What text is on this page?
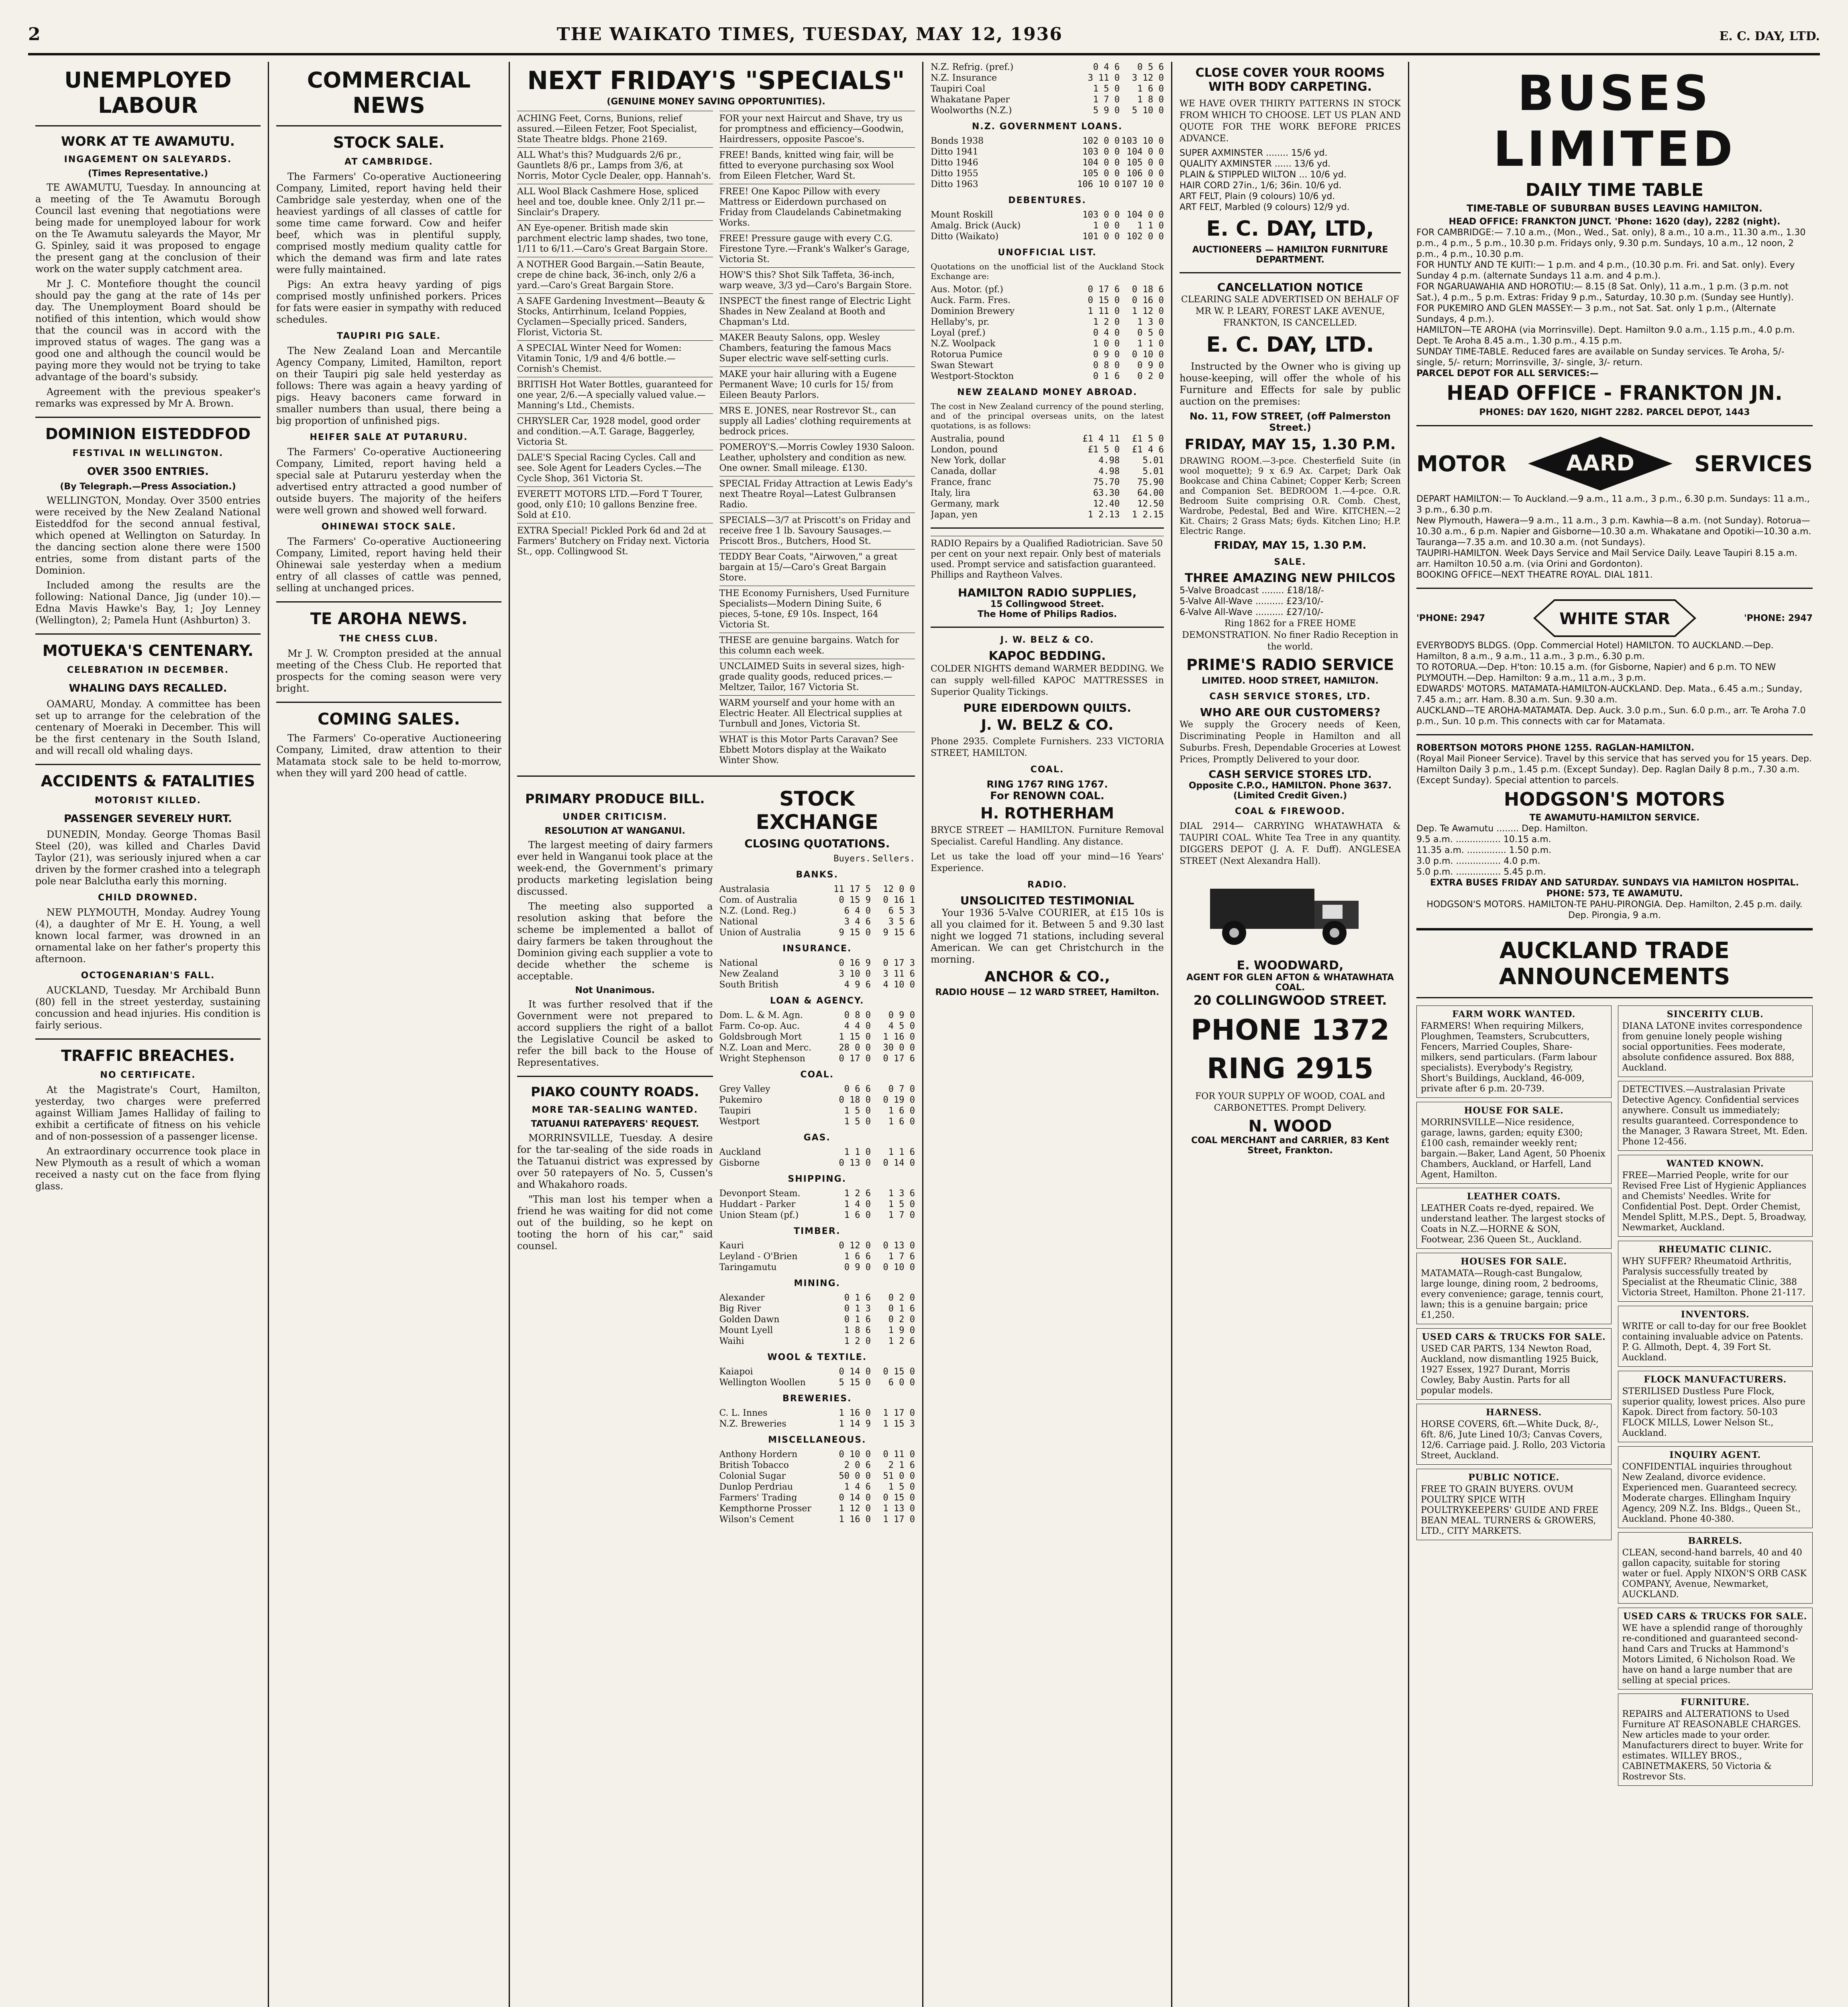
2	THE WAIKATO TIMES, TUESDAY, MAY 12, 1936	E. C. DAY, LTD.
UNEMPLOYED LABOUR
WORK AT TE AWAMUTU.
INGAGEMENT ON SALEYARDS.
(Times Representative.)

TE AWAMUTU, Tuesday. In announcing at a meeting of the Te Awamutu Borough Council last evening that negotiations were being made for unemployed labour for work on the Te Awamutu saleyards the Mayor, Mr G. Spinley, said it was proposed to engage the present gang at the conclusion of their work on the water supply catchment area.

Mr J. C. Montefiore thought the council should pay the gang at the rate of 14s per day. The Unemployment Board should be notified of this intention, which would show that the council was in accord with the improved status of wages. The gang was a good one and although the council would be paying more they would not be trying to take advantage of the board's subsidy.

Agreement with the previous speaker's remarks was expressed by Mr A. Brown.

DOMINION EISTEDDFOD
FESTIVAL IN WELLINGTON.
OVER 3500 ENTRIES.
(By Telegraph.—Press Association.)

WELLINGTON, Monday. Over 3500 entries were received by the New Zealand National Eisteddfod for the second annual festival, which opened at Wellington on Saturday. In the dancing section alone there were 1500 entries, some from distant parts of the Dominion.

Included among the results are the following: National Dance, Jig (under 10).—Edna Mavis Hawke's Bay, 1; Joy Lenney (Wellington), 2; Pamela Hunt (Ashburton) 3.

MOTUEKA'S CENTENARY.
CELEBRATION IN DECEMBER.
WHALING DAYS RECALLED.

OAMARU, Monday. A committee has been set up to arrange for the celebration of the centenary of Moeraki in December. This will be the first centenary in the South Island, and will recall old whaling days.

ACCIDENTS & FATALITIES
MOTORIST KILLED.
PASSENGER SEVERELY HURT.

DUNEDIN, Monday. George Thomas Basil Steel (20), was killed and Charles David Taylor (21), was seriously injured when a car driven by the former crashed into a telegraph pole near Balclutha early this morning.

CHILD DROWNED.

NEW PLYMOUTH, Monday. Audrey Young (4), a daughter of Mr E. H. Young, a well known local farmer, was drowned in an ornamental lake on her father's property this afternoon.

OCTOGENARIAN'S FALL.

AUCKLAND, Tuesday. Mr Archibald Bunn (80) fell in the street yesterday, sustaining concussion and head injuries. His condition is fairly serious.

TRAFFIC BREACHES.
NO CERTIFICATE.

At the Magistrate's Court, Hamilton, yesterday, two charges were preferred against William James Halliday of failing to exhibit a certificate of fitness on his vehicle and of non-possession of a passenger license.

An extraordinary occurrence took place in New Plymouth as a result of which a woman received a nasty cut on the face from flying glass.

COMMERCIAL NEWS
STOCK SALE.
AT CAMBRIDGE.

The Farmers' Co-operative Auctioneering Company, Limited, report having held their Cambridge sale yesterday, when one of the heaviest yardings of all classes of cattle for some time came forward. Cow and heifer beef, which was in plentiful supply, comprised mostly medium quality cattle for which the demand was firm and late rates were fully maintained.

Pigs: An extra heavy yarding of pigs comprised mostly unfinished porkers. Prices for fats were easier in sympathy with reduced schedules.

TAUPIRI PIG SALE.

The New Zealand Loan and Mercantile Agency Company, Limited, Hamilton, report on their Taupiri pig sale held yesterday as follows: There was again a heavy yarding of pigs. Heavy baconers came forward in smaller numbers than usual, there being a big proportion of unfinished pigs.

HEIFER SALE AT PUTARURU.

The Farmers' Co-operative Auctioneering Company, Limited, report having held a special sale at Putaruru yesterday when the advertised entry attracted a good number of outside buyers. The majority of the heifers were well grown and showed well forward.

OHINEWAI STOCK SALE.

The Farmers' Co-operative Auctioneering Company, Limited, report having held their Ohinewai sale yesterday when a medium entry of all classes of cattle was penned, selling at unchanged prices.

TE AROHA NEWS.
THE CHESS CLUB.

Mr J. W. Crompton presided at the annual meeting of the Chess Club. He reported that prospects for the coming season were very bright.

COMING SALES.

The Farmers' Co-operative Auctioneering Company, Limited, draw attention to their Matamata stock sale to be held to-morrow, when they will yard 200 head of cattle.

NEXT FRIDAY'S "SPECIALS"
(GENUINE MONEY SAVING OPPORTUNITIES).
ACHING Feet, Corns, Bunions, relief assured.—Eileen Fetzer, Foot Specialist, State Theatre bldgs. Phone 2169.
ALL What's this? Mudguards 2/6 pr., Gauntlets 8/6 pr., Lamps from 3/6, at Norris, Motor Cycle Dealer, opp. Hannah's.
ALL Wool Black Cashmere Hose, spliced heel and toe, double knee. Only 2/11 pr.—Sinclair's Drapery.
AN Eye-opener. British made skin parchment electric lamp shades, two tone, 1/11 to 6/11.—Caro's Great Bargain Store.
A NOTHER Good Bargain.—Satin Beaute, crepe de chine back, 36-inch, only 2/6 a yard.—Caro's Great Bargain Store.
A SAFE Gardening Investment—Beauty & Stocks, Antirrhinum, Iceland Poppies, Cyclamen—Specially priced. Sanders, Florist, Victoria St.
A SPECIAL Winter Need for Women: Vitamin Tonic, 1/9 and 4/6 bottle.—Cornish's Chemist.
BRITISH Hot Water Bottles, guaranteed for one year, 2/6.—A specially valued value.—Manning's Ltd., Chemists.
CHRYSLER Car, 1928 model, good order and condition.—A.T. Garage, Baggerley, Victoria St.
DALE'S Special Racing Cycles. Call and see. Sole Agent for Leaders Cycles.—The Cycle Shop, 361 Victoria St.
EVERETT MOTORS LTD.—Ford T Tourer, good, only £10; 10 gallons Benzine free. Sold at £10.
EXTRA Special! Pickled Pork 6d and 2d at Farmers' Butchery on Friday next. Victoria St., opp. Collingwood St.
FOR your next Haircut and Shave, try us for promptness and efficiency—Goodwin, Hairdressers, opposite Pascoe's.
FREE! Bands, knitted wing fair, will be fitted to everyone purchasing sox Wool from Eileen Fletcher, Ward St.
FREE! One Kapoc Pillow with every Mattress or Eiderdown purchased on Friday from Claudelands Cabinetmaking Works.
FREE! Pressure gauge with every C.G. Firestone Tyre.—Frank's Walker's Garage, Victoria St.
HOW'S this? Shot Silk Taffeta, 36-inch, warp weave, 3/3 yd—Caro's Bargain Store.
INSPECT the finest range of Electric Light Shades in New Zealand at Booth and Chapman's Ltd.
MAKER Beauty Salons, opp. Wesley Chambers, featuring the famous Macs Super electric wave self-setting curls.
MAKE your hair alluring with a Eugene Permanent Wave; 10 curls for 15/ from Eileen Beauty Parlors.
MRS E. JONES, near Rostrevor St., can supply all Ladies' clothing requirements at bedrock prices.
POMEROY'S.—Morris Cowley 1930 Saloon. Leather, upholstery and condition as new. One owner. Small mileage. £130.
SPECIAL Friday Attraction at Lewis Eady's next Theatre Royal—Latest Gulbransen Radio.
SPECIALS—3/7 at Priscott's on Friday and receive free 1 lb. Savoury Sausages.—Priscott Bros., Butchers, Hood St.
TEDDY Bear Coats, "Airwoven," a great bargain at 15/—Caro's Great Bargain Store.
THE Economy Furnishers, Used Furniture Specialists—Modern Dining Suite, 6 pieces, 5-tone, £9 10s. Inspect, 164 Victoria St.
THESE are genuine bargains. Watch for this column each week.
UNCLAIMED Suits in several sizes, high-grade quality goods, reduced prices.—Meltzer, Tailor, 167 Victoria St.
WARM yourself and your home with an Electric Heater. All Electrical supplies at Turnbull and Jones, Victoria St.
WHAT is this Motor Parts Caravan? See Ebbett Motors display at the Waikato Winter Show.
PRIMARY PRODUCE BILL.
UNDER CRITICISM.
RESOLUTION AT WANGANUI.

The largest meeting of dairy farmers ever held in Wanganui took place at the week-end, the Government's primary products marketing legislation being discussed.

The meeting also supported a resolution asking that before the scheme be implemented a ballot of dairy farmers be taken throughout the Dominion giving each supplier a vote to decide whether the scheme is acceptable.

Not Unanimous.

It was further resolved that if the Government were not prepared to accord suppliers the right of a ballot the Legislative Council be asked to refer the bill back to the House of Representatives.

PIAKO COUNTY ROADS.
MORE TAR-SEALING WANTED.
TATUANUI RATEPAYERS' REQUEST.

MORRINSVILLE, Tuesday. A desire for the tar-sealing of the side roads in the Tatuanui district was expressed by over 50 ratepayers of No. 5, Cussen's and Whakahoro roads.

"This man lost his temper when a friend he was waiting for did not come out of the building, so he kept on tooting the horn of his car," said counsel.

STOCK EXCHANGE
CLOSING QUOTATIONS.
Buyers. Sellers.
BANKS.
Australasia	11 17 5	12 0 0
Com. of Australia	0 15 9	0 16 1
N.Z. (Lond. Reg.)	6 4 0	6 5 3
National	3 4 6	3 5 6
Union of Australia	9 15 0	9 15 6
INSURANCE.
National	0 16 9	0 17 3
New Zealand	3 10 0	3 11 6
South British	4 9 6	4 10 0
LOAN & AGENCY.
Dom. L. & M. Agn.	0 8 0	0 9 0
Farm. Co-op. Auc.	4 4 0	4 5 0
Goldsbrough Mort	1 15 0	1 16 0
N.Z. Loan and Merc.	28 0 0	30 0 0
Wright Stephenson	0 17 0	0 17 6
COAL.
Grey Valley	0 6 6	0 7 0
Pukemiro	0 18 0	0 19 0
Taupiri	1 5 0	1 6 0
Westport	1 5 0	1 6 0
GAS.
Auckland	1 1 0	1 1 6
Gisborne	0 13 0	0 14 0
SHIPPING.
Devonport Steam.	1 2 6	1 3 6
Huddart - Parker	1 4 0	1 5 0
Union Steam (pf.)	1 6 0	1 7 0
TIMBER.
Kauri	0 12 0	0 13 0
Leyland - O'Brien	1 6 6	1 7 6
Taringamutu	0 9 0	0 10 0
MINING.
Alexander	0 1 6	0 2 0
Big River	0 1 3	0 1 6
Golden Dawn	0 1 6	0 2 0
Mount Lyell	1 8 6	1 9 0
Waihi	1 2 0	1 2 6
WOOL & TEXTILE.
Kaiapoi	0 14 0	0 15 0
Wellington Woollen	5 15 0	6 0 0
BREWERIES.
C. L. Innes	1 16 0	1 17 0
N.Z. Breweries	1 14 9	1 15 3
MISCELLANEOUS.
Anthony Hordern	0 10 0	0 11 0
British Tobacco	2 0 6	2 1 6
Colonial Sugar	50 0 0	51 0 0
Dunlop Perdriau	1 4 6	1 5 0
Farmers' Trading	0 14 0	0 15 0
Kempthorne Prosser	1 12 0	1 13 0
Wilson's Cement	1 16 0	1 17 0
N.Z. Refrig. (pref.)	0 4 6	0 5 6
N.Z. Insurance	3 11 0	3 12 0
Taupiri Coal	1 5 0	1 6 0
Whakatane Paper	1 7 0	1 8 0
Woolworths (N.Z.)	5 9 0	5 10 0
N.Z. GOVERNMENT LOANS.
Bonds 1938	102 0 0 103 10 0
Ditto 1941	103 0 0 104 0 0
Ditto 1946	104 0 0 105 0 0
Ditto 1955	105 0 0 106 0 0
Ditto 1963	106 10 0 107 10 0
DEBENTURES.
Mount Roskill	103 0 0 104 0 0
Amalg. Brick (Auck)	1 0 0	1 1 0
Ditto (Waikato)	101 0 0 102 0 0
UNOFFICIAL LIST.

Quotations on the unofficial list of the Auckland Stock Exchange are:

Aus. Motor. (pf.)	0 17 6	0 18 6
Auck. Farm. Fres.	0 15 0	0 16 0
Dominion Brewery	1 11 0	1 12 0
Hellaby's, pr.	1 2 0	1 3 0
Loyal (pref.)	0 4 0	0 5 0
N.Z. Woolpack	1 0 0	1 1 0
Rotorua Pumice	0 9 0	0 10 0
Swan Stewart	0 8 0	0 9 0
Westport-Stockton	0 1 6	0 2 0
NEW ZEALAND MONEY ABROAD.

The cost in New Zealand currency of the pound sterling, and of the principal overseas units, on the latest quotations, is as follows:

Australia, pound	£1 4 11	£1 5 0
London, pound	£1 5 0	£1 4 6
New York, dollar	4.98	5.01
Canada, dollar	4.98	5.01
France, franc	75.70	75.90
Italy, lira	63.30	64.00
Germany, mark	12.40	12.50
Japan, yen	1 2.13	1 2.15
RADIO Repairs by a Qualified Radiotrician. Save 50 per cent on your next repair. Only best of materials used. Prompt service and satisfaction guaranteed. Phillips and Raytheon Valves.
HAMILTON RADIO SUPPLIES,
15 Collingwood Street.
The Home of Philips Radios.
J. W. BELZ & CO.
KAPOC BEDDING.

COLDER NIGHTS demand WARMER BEDDING. We can supply well-filled KAPOC MATTRESSES in Superior Quality Tickings.

PURE EIDERDOWN QUILTS.
J. W. BELZ & CO.

Phone 2935. Complete Furnishers. 233 VICTORIA STREET, HAMILTON.

COAL.
RING 1767 RING 1767.
For RENOWN COAL.
H. ROTHERHAM

BRYCE STREET — HAMILTON. Furniture Removal Specialist. Careful Handling. Any distance.

Let us take the load off your mind—16 Years' Experience.

RADIO.
UNSOLICITED TESTIMONIAL

Your 1936 5-Valve COURIER, at £15 10s is all you claimed for it. Between 5 and 9.30 last night we logged 71 stations, including several American. We can get Christchurch in the morning.

ANCHOR & CO.,
RADIO HOUSE — 12 WARD STREET, Hamilton.
CLOSE COVER YOUR ROOMS WITH BODY CARPETING.

WE HAVE OVER THIRTY PATTERNS IN STOCK FROM WHICH TO CHOOSE. LET US PLAN AND QUOTE FOR THE WORK BEFORE PRICES ADVANCE.

SUPER AXMINSTER ........ 15/6 yd.
QUALITY AXMINSTER ...... 13/6 yd.
PLAIN & STIPPLED WILTON ... 10/6 yd.
HAIR CORD 27in., 1/6; 36in. 10/6 yd.
ART FELT, Plain (9 colours) 10/6 yd.
ART FELT, Marbled (9 colours) 12/9 yd.
E. C. DAY, LTD,
AUCTIONEERS — HAMILTON FURNITURE DEPARTMENT.
CANCELLATION NOTICE

CLEARING SALE ADVERTISED ON BEHALF OF MR W. P. LEARY, FOREST LAKE AVENUE, FRANKTON, IS CANCELLED.

E. C. DAY, LTD.

Instructed by the Owner who is giving up house-keeping, will offer the whole of his Furniture and Effects for sale by public auction on the premises:

No. 11, FOW STREET, (off Palmerston Street.)
FRIDAY, MAY 15, 1.30 P.M.

DRAWING ROOM.—3-pce. Chesterfield Suite (in wool moquette); 9 x 6.9 Ax. Carpet; Dark Oak Bookcase and China Cabinet; Copper Kerb; Screen and Companion Set. BEDROOM 1.—4-pce. O.R. Bedroom Suite comprising O.R. Comb. Chest, Wardrobe, Pedestal, Bed and Wire. KITCHEN.—2 Kit. Chairs; 2 Grass Mats; 6yds. Kitchen Lino; H.P. Electric Range.

FRIDAY, MAY 15, 1.30 P.M.
SALE.
THREE AMAZING NEW PHILCOS
5-Valve Broadcast ........ £18/18/-
5-Valve All-Wave .......... £23/10/-
6-Valve All-Wave .......... £27/10/-

Ring 1862 for a FREE HOME DEMONSTRATION. No finer Radio Reception in the world.

PRIME'S RADIO SERVICE
LIMITED. HOOD STREET, HAMILTON.
CASH SERVICE STORES, LTD.
WHO ARE OUR CUSTOMERS?

We supply the Grocery needs of Keen, Discriminating People in Hamilton and all Suburbs. Fresh, Dependable Groceries at Lowest Prices, Promptly Delivered to your door.

CASH SERVICE STORES LTD.
Opposite C.P.O., HAMILTON. Phone 3637. (Limited Credit Given.)
COAL & FIREWOOD.

DIAL 2914— CARRYING WHATAWHATA & TAUPIRI COAL. White Tea Tree in any quantity. DIGGERS DEPOT (J. A. F. Duff). ANGLESEA STREET (Next Alexandra Hall).

E. WOODWARD,
AGENT FOR GLEN AFTON & WHATAWHATA COAL.
20 COLLINGWOOD STREET.
PHONE 1372
RING 2915

FOR YOUR SUPPLY OF WOOD, COAL and CARBONETTES. Prompt Delivery.

N. WOOD
COAL MERCHANT and CARRIER, 83 Kent Street, Frankton.
BUSES LIMITED
DAILY TIME TABLE
TIME-TABLE OF SUBURBAN BUSES LEAVING HAMILTON.
HEAD OFFICE: FRANKTON JUNCT. 'Phone: 1620 (day), 2282 (night).
FOR CAMBRIDGE:— 7.10 a.m., (Mon., Wed., Sat. only), 8 a.m., 10 a.m., 11.30 a.m., 1.30 p.m., 4 p.m., 5 p.m., 10.30 p.m. Fridays only, 9.30 p.m. Sundays, 10 a.m., 12 noon, 2 p.m., 4 p.m., 10.30 p.m.
FOR HUNTLY AND TE KUITI:— 1 p.m. and 4 p.m., (10.30 p.m. Fri. and Sat. only). Every Sunday 4 p.m. (alternate Sundays 11 a.m. and 4 p.m.).
FOR NGARUAWAHIA AND HOROTIU:— 8.15 (8 Sat. Only), 11 a.m., 1 p.m. (3 p.m. not Sat.), 4 p.m., 5 p.m. Extras: Friday 9 p.m., Saturday, 10.30 p.m. (Sunday see Huntly).
FOR PUKEMIRO AND GLEN MASSEY:— 3 p.m., not Sat. Sat. only 1 p.m., (Alternate Sundays, 4 p.m.).
HAMILTON—TE AROHA (via Morrinsville). Dept. Hamilton 9.0 a.m., 1.15 p.m., 4.0 p.m. Dept. Te Aroha 8.45 a.m., 1.30 p.m., 4.15 p.m.
SUNDAY TIME-TABLE. Reduced fares are available on Sunday services. Te Aroha, 5/- single, 5/- return; Morrinsville, 3/- single, 3/- return.
PARCEL DEPOT FOR ALL SERVICES:—
HEAD OFFICE - FRANKTON JN.
PHONES: DAY 1620, NIGHT 2282. PARCEL DEPOT, 1443
MOTOR	AARD	SERVICES
DEPART HAMILTON:— To Auckland.—9 a.m., 11 a.m., 3 p.m., 6.30 p.m. Sundays: 11 a.m., 3 p.m., 6.30 p.m.
New Plymouth, Hawera—9 a.m., 11 a.m., 3 p.m. Kawhia—8 a.m. (not Sunday). Rotorua—10.30 a.m., 6 p.m. Napier and Gisborne—10.30 a.m. Whakatane and Opotiki—10.30 a.m. Tauranga—7.35 a.m. and 10.30 a.m. (not Sundays).
TAUPIRI-HAMILTON. Week Days Service and Mail Service Daily. Leave Taupiri 8.15 a.m. arr. Hamilton 10.50 a.m. (via Orini and Gordonton).
BOOKING OFFICE—NEXT THEATRE ROYAL. DIAL 1811.
'PHONE: 2947	WHITE STAR	'PHONE: 2947
EVERYBODYS BLDGS. (Opp. Commercial Hotel) HAMILTON. TO AUCKLAND.—Dep. Hamilton, 8 a.m., 9 a.m., 11 a.m., 3 p.m., 6.30 p.m.
TO ROTORUA.—Dep. H'ton: 10.15 a.m. (for Gisborne, Napier) and 6 p.m. TO NEW PLYMOUTH.—Dep. Hamilton: 9 a.m., 11 a.m., 3 p.m.
EDWARDS' MOTORS. MATAMATA-HAMILTON-AUCKLAND. Dep. Mata., 6.45 a.m.; Sunday, 7.45 a.m.; arr. Ham. 8.30 a.m. Sun. 9.30 a.m.
AUCKLAND—TE AROHA-MATAMATA. Dep. Auck. 3.0 p.m., Sun. 6.0 p.m., arr. Te Aroha 7.0 p.m., Sun. 10 p.m. This connects with car for Matamata.
ROBERTSON MOTORS PHONE 1255. RAGLAN-HAMILTON.
(Royal Mail Pioneer Service). Travel by this service that has served you for 15 years. Dep. Hamilton Daily 3 p.m., 1.45 p.m. (Except Sunday). Dep. Raglan Daily 8 p.m., 7.30 a.m. (Except Sunday). Special attention to parcels.
HODGSON'S MOTORS
TE AWAMUTU-HAMILTON SERVICE.
Dep. Te Awamutu ........ Dep. Hamilton.
9.5 a.m. ................ 10.15 a.m.
11.35 a.m. .............. 1.50 p.m.
3.0 p.m. ................ 4.0 p.m.
5.0 p.m. ................ 5.45 p.m.
EXTRA BUSES FRIDAY AND SATURDAY. SUNDAYS VIA HAMILTON HOSPITAL. PHONE: 573, TE AWAMUTU.
HODGSON'S MOTORS. HAMILTON-TE PAHU-PIRONGIA. Dep. Hamilton, 2.45 p.m. daily. Dep. Pirongia, 9 a.m.
AUCKLAND TRADE ANNOUNCEMENTS
FARM WORK WANTED.
FARMERS! When requiring Milkers, Ploughmen, Teamsters, Scrubcutters, Fencers, Married Couples, Share-milkers, send particulars. (Farm labour specialists). Everybody's Registry, Short's Buildings, Auckland, 46-009, private after 6 p.m. 20-739.
HOUSE FOR SALE.
MORRINSVILLE—Nice residence, garage, lawns, garden; equity £300; £100 cash, remainder weekly rent; bargain.—Baker, Land Agent, 50 Phoenix Chambers, Auckland, or Harfell, Land Agent, Hamilton.
LEATHER COATS.
LEATHER Coats re-dyed, repaired. We understand leather. The largest stocks of Coats in N.Z.—HORNE & SON, Footwear, 236 Queen St., Auckland.
HOUSES FOR SALE.
MATAMATA—Rough-cast Bungalow, large lounge, dining room, 2 bedrooms, every convenience; garage, tennis court, lawn; this is a genuine bargain; price £1,250.
USED CARS & TRUCKS FOR SALE.
USED CAR PARTS, 134 Newton Road, Auckland, now dismantling 1925 Buick, 1927 Essex, 1927 Durant, Morris Cowley, Baby Austin. Parts for all popular models.
HARNESS.
HORSE COVERS, 6ft.—White Duck, 8/-, 6ft. 8/6, Jute Lined 10/3; Canvas Covers, 12/6. Carriage paid. J. Rollo, 203 Victoria Street, Auckland.
PUBLIC NOTICE.
FREE TO GRAIN BUYERS. OVUM POULTRY SPICE WITH POULTRYKEEPERS' GUIDE AND FREE BEAN MEAL. TURNERS & GROWERS, LTD., CITY MARKETS.
SINCERITY CLUB.
DIANA LATONE invites correspondence from genuine lonely people wishing social opportunities. Fees moderate, absolute confidence assured. Box 888, Auckland.
DETECTIVES.—Australasian Private Detective Agency. Confidential services anywhere. Consult us immediately; results guaranteed. Correspondence to the Manager, 3 Rawara Street, Mt. Eden. Phone 12-456.
WANTED KNOWN.
FREE—Married People, write for our Revised Free List of Hygienic Appliances and Chemists' Needles. Write for Confidential Post. Dept. Order Chemist, Mendel Splitt, M.P.S., Dept. 5, Broadway, Newmarket, Auckland.
RHEUMATIC CLINIC.
WHY SUFFER? Rheumatoid Arthritis, Paralysis successfully treated by Specialist at the Rheumatic Clinic, 388 Victoria Street, Hamilton. Phone 21-117.
INVENTORS.
WRITE or call to-day for our free Booklet containing invaluable advice on Patents. P. G. Allmoth, Dept. 4, 39 Fort St. Auckland.
FLOCK MANUFACTURERS.
STERILISED Dustless Pure Flock, superior quality, lowest prices. Also pure Kapok. Direct from factory. 50-103 FLOCK MILLS, Lower Nelson St., Auckland.
INQUIRY AGENT.
CONFIDENTIAL inquiries throughout New Zealand, divorce evidence. Experienced men. Guaranteed secrecy. Moderate charges. Ellingham Inquiry Agency, 209 N.Z. Ins. Bldgs., Queen St., Auckland. Phone 40-380.
BARRELS.
CLEAN, second-hand barrels, 40 and 40 gallon capacity, suitable for storing water or fuel. Apply NIXON'S ORB CASK COMPANY, Avenue, Newmarket, AUCKLAND.
USED CARS & TRUCKS FOR SALE.
WE have a splendid range of thoroughly re-conditioned and guaranteed second-hand Cars and Trucks at Hammond's Motors Limited, 6 Nicholson Road. We have on hand a large number that are selling at special prices.
FURNITURE.
REPAIRS and ALTERATIONS to Used Furniture AT REASONABLE CHARGES. New articles made to your order. Manufacturers direct to buyer. Write for estimates. WILLEY BROS., CABINETMAKERS, 50 Victoria & Rostrevor Sts.
